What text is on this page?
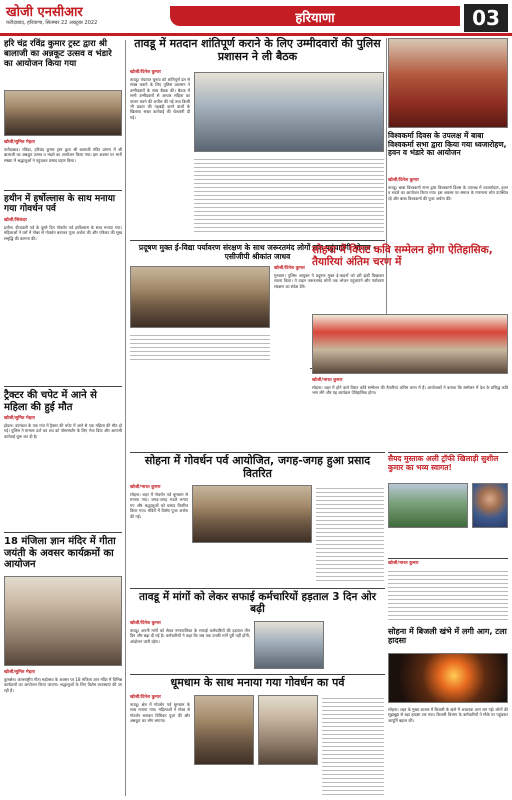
खोजी एनसीआर
फरीदाबाद, हरियाणा, सितम्बर 22 अक्टूबर 2022	हरियाणा	03
हरि चंद्र रविंद्र कुमार ट्रस्ट द्वारा श्री बालाजी का अन्नकूट उत्सव व भंडारे का आयोजन किया गया
खोजी/सुमित मेहता
फरीदाबाद। रविंदर, हरिचंद कुमार ट्रस्ट द्वारा श्री बालाजी मंदिर प्रांगण में श्री बालाजी का अन्नकूट उत्सव व भंडारे का आयोजन किया गया। इस अवसर पर भारी संख्या में श्रद्धालुओं ने पहुंचकर प्रसाद ग्रहण किया।
हथीन में हर्षोल्लास के साथ मनाया गया गोवर्धन पर्व
खोजी/सिकंदर
हथीन। दीपावली पर्व के दूसरे दिन गोवर्धन पर्व हर्षोल्लास के साथ मनाया गया। महिलाओं ने घरों में गोबर से गोवर्धन बनाकर पूजा अर्चना की और परिवार की सुख समृद्धि की कामना की।
ट्रैक्टर की चपेट में आने से महिला की हुई मौत
खोजी/सुमित मेहता
होडल। उपमंडल के एक गांव में ट्रैक्टर की चपेट में आने से एक महिला की मौत हो गई। पुलिस ने मामला दर्ज कर शव को पोस्टमार्टम के लिए भेज दिया और आगामी कार्रवाई शुरू कर दी है।
18 मंजिला ज्ञान मंदिर में गीता जयंती के अवसर कार्यक्रमों का आयोजन
खोजी/सुमित मेहता
कुरुक्षेत्र। अंतरराष्ट्रीय गीता महोत्सव के अवसर पर 18 मंजिला ज्ञान मंदिर में विभिन्न कार्यक्रमों का आयोजन किया जाएगा। श्रद्धालुओं के लिए विशेष व्यवस्थाएं की जा रही हैं।
तावडू में मतदान शांतिपूर्ण कराने के लिए उम्मीदवारों की पुलिस प्रशासन ने ली बैठक
खोजी/दिनेश कुमार
तावडू। पंचायत चुनाव को शांतिपूर्ण ढंग से संपन्न कराने के लिए पुलिस प्रशासन ने उम्मीदवारों के साथ बैठक की। बैठक में सभी उम्मीदवारों से आचार संहिता का पालन करने की अपील की गई तथा किसी भी प्रकार की गड़बड़ी करने वालों के खिलाफ सख्त कार्रवाई की चेतावनी दी गई।
प्रदूषण मुक्त ई-विद्या पर्यावरण संरक्षण के साथ जरूरतमंद लोगों तक पहुंचाएंगी भोजन - एसीजीपी श्रीकांत जाधव
खोजी/दिनेश कुमार
गुरुग्राम। पुलिस आयुक्त ने प्रदूषण मुक्त ई-वाहनों को हरी झंडी दिखाकर रवाना किया। ये वाहन जरूरतमंद लोगों तक भोजन पहुंचाएंगे और पर्यावरण संरक्षण का संदेश देंगे।
विश्वकर्मा दिवस के उपलक्ष में बाबा विश्वकर्मा सभा द्वारा किया गया ध्वजारोहण, हवन व भंडारे का आयोजन
खोजी/दिनेश कुमार
तावडू। बाबा विश्वकर्मा सभा द्वारा विश्वकर्मा दिवस के उपलक्ष में ध्वजारोहण, हवन व भंडारे का आयोजन किया गया। इस अवसर पर समाज के गणमान्य लोग उपस्थित रहे और बाबा विश्वकर्मा की पूजा अर्चना की।
सोहना में विराट कवि सम्मेलन होगा ऐतिहासिक, तैयारियां अंतिम चरण में
खोजी/भारत कुमार
सोहना। शहर में होने वाले विराट कवि सम्मेलन की तैयारियां अंतिम चरण में हैं। आयोजकों ने बताया कि सम्मेलन में देश के प्रसिद्ध कवि भाग लेंगे और यह कार्यक्रम ऐतिहासिक होगा।
सोहना में गोवर्धन पर्व आयोजित, जगह-जगह हुआ प्रसाद वितरित
खोजी/भारत कुमार
सोहना। शहर में गोवर्धन पर्व धूमधाम से मनाया गया। जगह-जगह भंडारे लगाए गए और श्रद्धालुओं को प्रसाद वितरित किया गया। मंदिरों में विशेष पूजा अर्चना की गई।
सैयद मुस्ताक अली ट्रॉफी खिलाड़ी सुशील कुमार का भव्य स्वागत!
तावडू में मांगों को लेकर सफाई कर्मचारियों हड़ताल 3 दिन ओर बढ़ी
खोजी/दिनेश कुमार
तावडू। अपनी मांगों को लेकर नगरपालिका के सफाई कर्मचारियों की हड़ताल तीन दिन और बढ़ा दी गई है। कर्मचारियों ने कहा कि जब तक उनकी मांगें पूरी नहीं होंगी, आंदोलन जारी रहेगा।
खोजी/भारत कुमार
सोहना में बिजली खंभे में लगी आग, टला हादसा
सोहना। शहर के मुख्य बाजार में बिजली के खंभे में अचानक आग लग गई। लोगों की सूझबूझ से बड़ा हादसा टल गया। बिजली विभाग के कर्मचारियों ने मौके पर पहुंचकर आपूर्ति बहाल की।
धूमधाम के साथ मनाया गया गोवर्धन का पर्व
खोजी/दिनेश कुमार
तावडू। क्षेत्र में गोवर्धन पर्व धूमधाम के साथ मनाया गया। महिलाओं ने गोबर से गोवर्धन बनाकर विधिवत पूजा की और अन्नकूट का भोग लगाया।
